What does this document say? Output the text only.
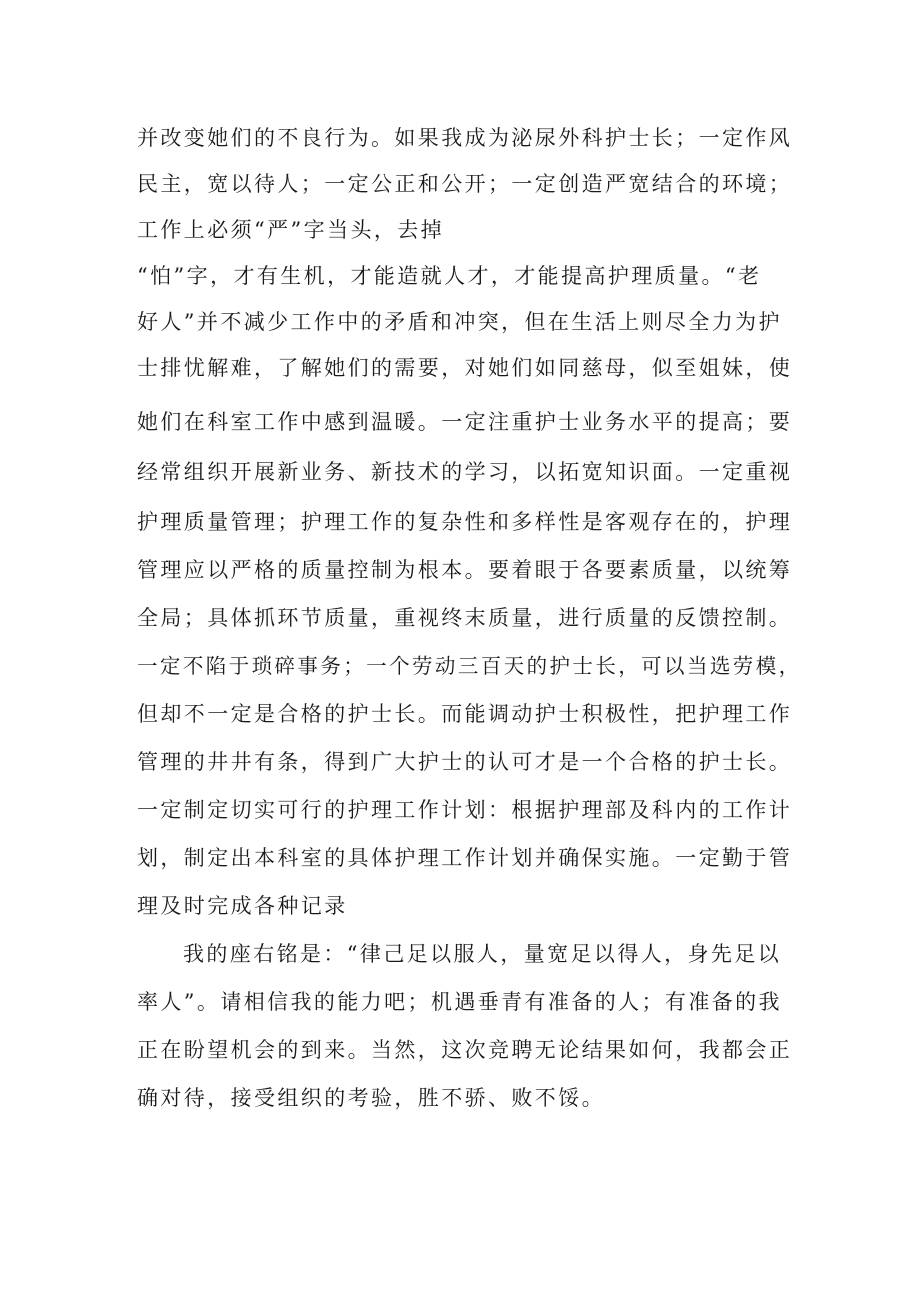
并改变她们的不良行为。如果我成为泌尿外科护士长；一定作风

民主，宽以待人；一定公正和公开；一定创造严宽结合的环境；

工作上必须“严”字当头，去掉

“怕”字，才有生机，才能造就人才，才能提高护理质量。“老

好人”并不减少工作中的矛盾和冲突，但在生活上则尽全力为护

士排忧解难，了解她们的需要，对她们如同慈母，似至姐妹，使

她们在科室工作中感到温暖。一定注重护士业务水平的提高；要

经常组织开展新业务、新技术的学习，以拓宽知识面。一定重视

护理质量管理；护理工作的复杂性和多样性是客观存在的，护理

管理应以严格的质量控制为根本。要着眼于各要素质量，以统筹

全局；具体抓环节质量，重视终末质量，进行质量的反馈控制。

一定不陷于琐碎事务；一个劳动三百天的护士长，可以当选劳模，

但却不一定是合格的护士长。而能调动护士积极性，把护理工作

管理的井井有条，得到广大护士的认可才是一个合格的护士长。

一定制定切实可行的护理工作计划：根据护理部及科内的工作计

划，制定出本科室的具体护理工作计划并确保实施。一定勤于管

理及时完成各种记录

我的座右铭是：“律己足以服人，量宽足以得人，身先足以

率人”。请相信我的能力吧；机遇垂青有准备的人；有准备的我

正在盼望机会的到来。当然，这次竞聘无论结果如何，我都会正

确对待，接受组织的考验，胜不骄、败不馁。
